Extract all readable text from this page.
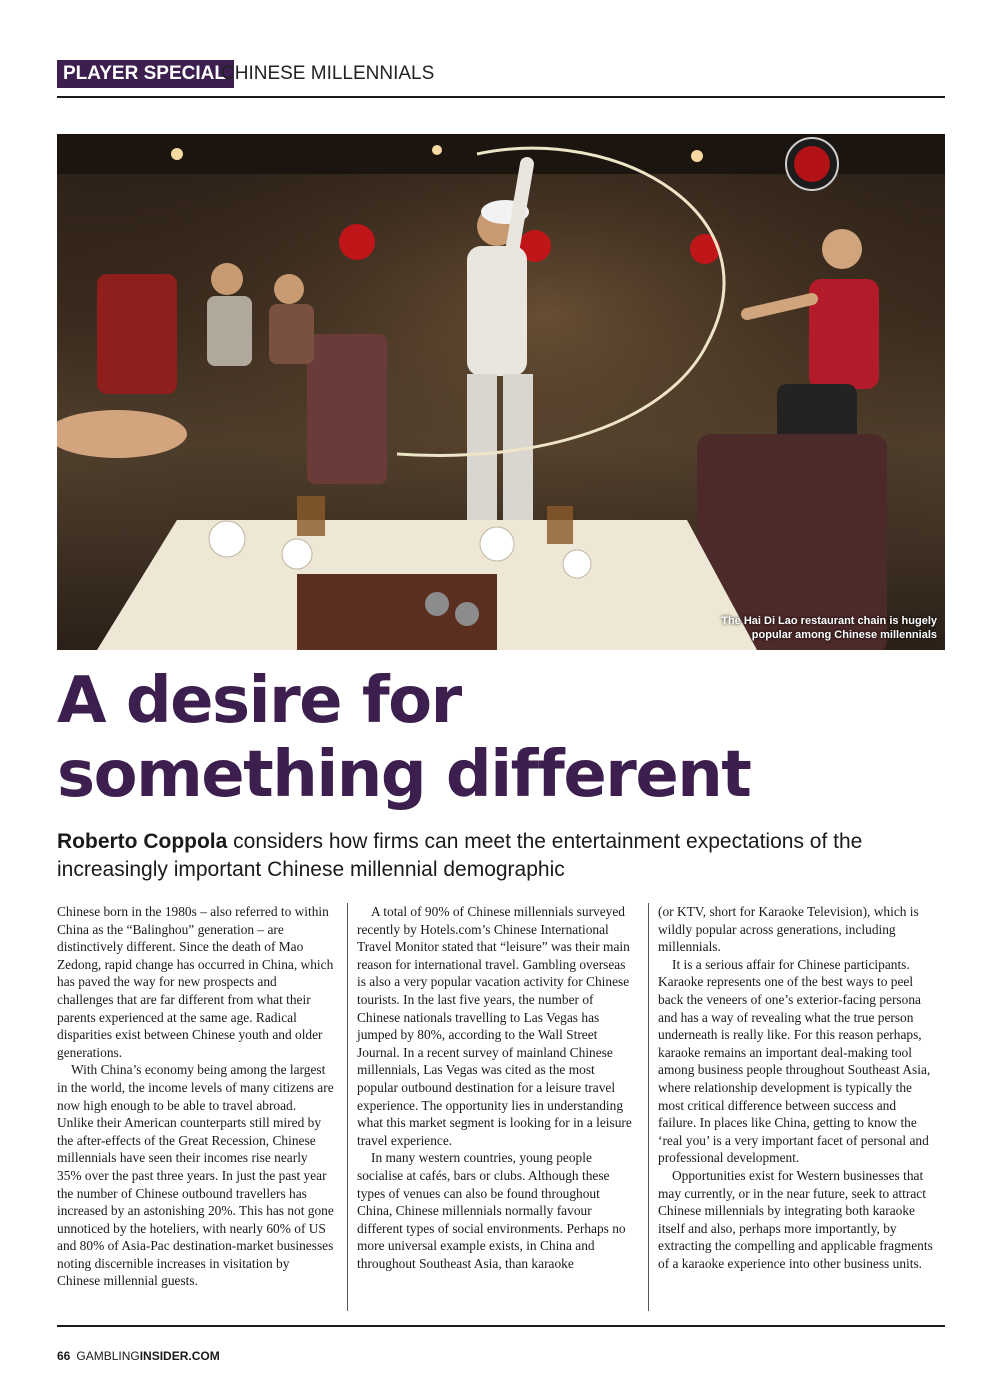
PLAYER SPECIAL
CHINESE MILLENNIALS
The Hai Di Lao restaurant chain is hugely
popular among Chinese millennials
A desire for
something different

Roberto Coppola considers how firms can meet the entertainment expectations of the increasingly important Chinese millennial demographic

Chinese born in the 1980s – also referred to within China as the “Balinghou” generation – are distinctively different. Since the death of Mao Zedong, rapid change has occurred in China, which has paved the way for new prospects and challenges that are far different from what their parents experienced at the same age. Radical disparities exist between Chinese youth and older generations.

With China’s economy being among the largest in the world, the income levels of many citizens are now high enough to be able to travel abroad. Unlike their American counterparts still mired by the after-effects of the Great Recession, Chinese millennials have seen their incomes rise nearly 35% over the past three years. In just the past year the number of Chinese outbound travellers has increased by an astonishing 20%. This has not gone unnoticed by the hoteliers, with nearly 60% of US and 80% of Asia-Pac destination-market businesses noting discernible increases in visitation by Chinese millennial guests.

A total of 90% of Chinese millennials surveyed recently by Hotels.com’s Chinese International Travel Monitor stated that “leisure” was their main reason for international travel. Gambling overseas is also a very popular vacation activity for Chinese tourists. In the last five years, the number of Chinese nationals travelling to Las Vegas has jumped by 80%, according to the Wall Street Journal. In a recent survey of mainland Chinese millennials, Las Vegas was cited as the most popular outbound destination for a leisure travel experience. The opportunity lies in understanding what this market segment is looking for in a leisure travel experience.

In many western countries, young people socialise at cafés, bars or clubs. Although these types of venues can also be found throughout China, Chinese millennials normally favour different types of social environments. Perhaps no more universal example exists, in China and throughout Southeast Asia, than karaoke

(or KTV, short for Karaoke Television), which is wildly popular across generations, including millennials.

It is a serious affair for Chinese participants. Karaoke represents one of the best ways to peel back the veneers of one’s exterior-facing persona and has a way of revealing what the true person underneath is really like. For this reason perhaps, karaoke remains an important deal-making tool among business people throughout Southeast Asia, where relationship development is typically the most critical difference between success and failure. In places like China, getting to know the ‘real you’ is a very important facet of personal and professional development.

Opportunities exist for Western businesses that may currently, or in the near future, seek to attract Chinese millennials by integrating both karaoke itself and also, perhaps more importantly, by extracting the compelling and applicable fragments of a karaoke experience into other business units.

66 GAMBLINGINSIDER.COM
